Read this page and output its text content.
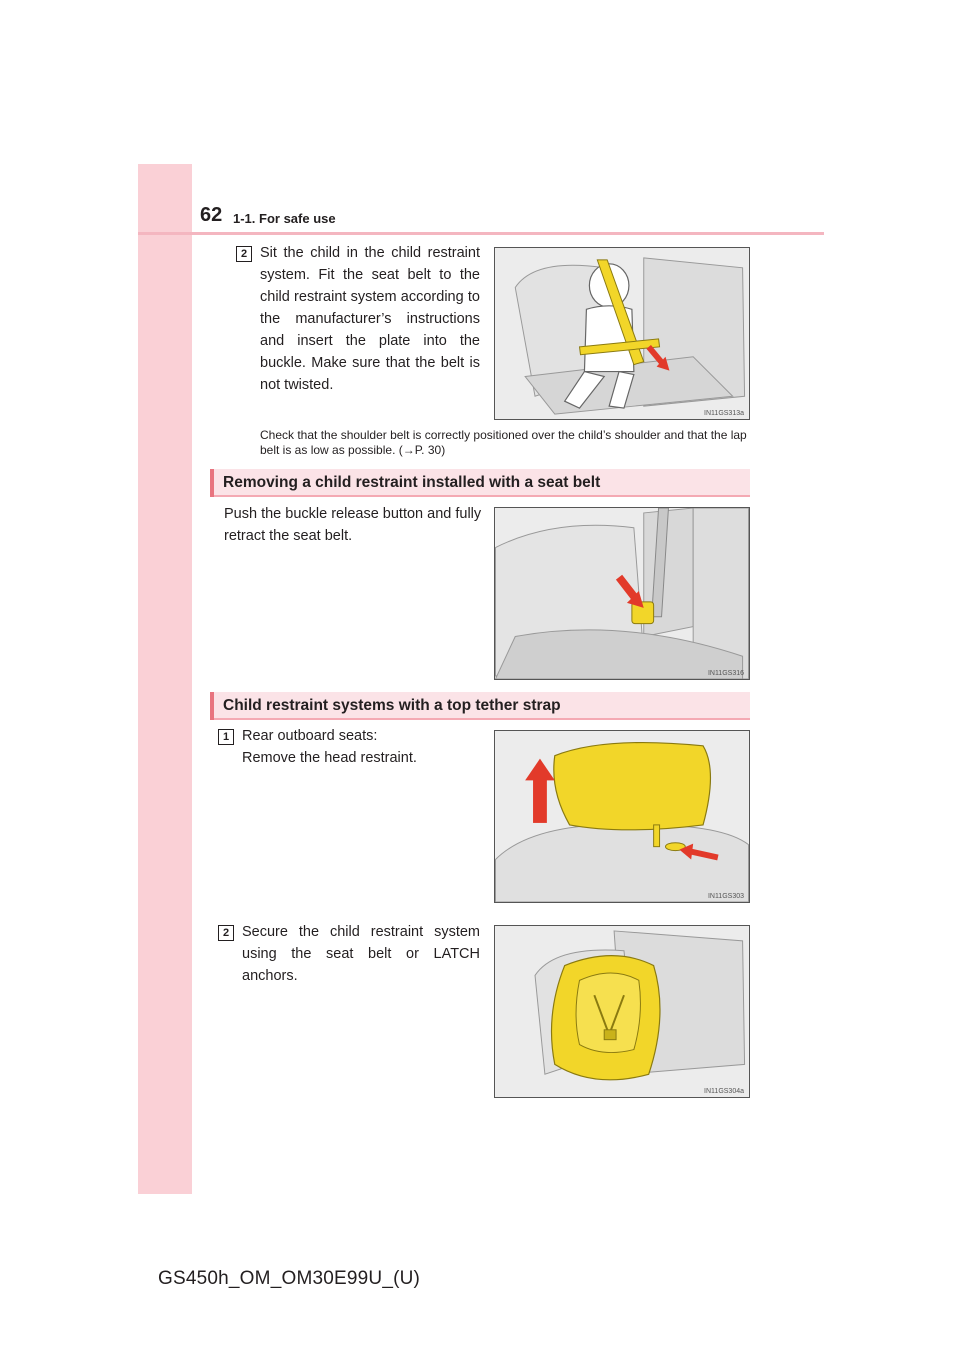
62 1-1. For safe use
2 Sit the child in the child restraint system. Fit the seat belt to the child restraint system according to the manufacturer’s instructions and insert the plate into the buckle. Make sure that the belt is not twisted.
IN11GS313a
Check that the shoulder belt is correctly positioned over the child’s shoulder and that the lap belt is as low as possible. (→P. 30)
Removing a child restraint installed with a seat belt
Push the buckle release button and fully retract the seat belt.
IN11GS316
Child restraint systems with a top tether strap
1 Rear outboard seats:
Remove the head restraint.
IN11GS303
2 Secure the child restraint system using the seat belt or LATCH anchors.
IN11GS304a
GS450h_OM_OM30E99U_(U)
